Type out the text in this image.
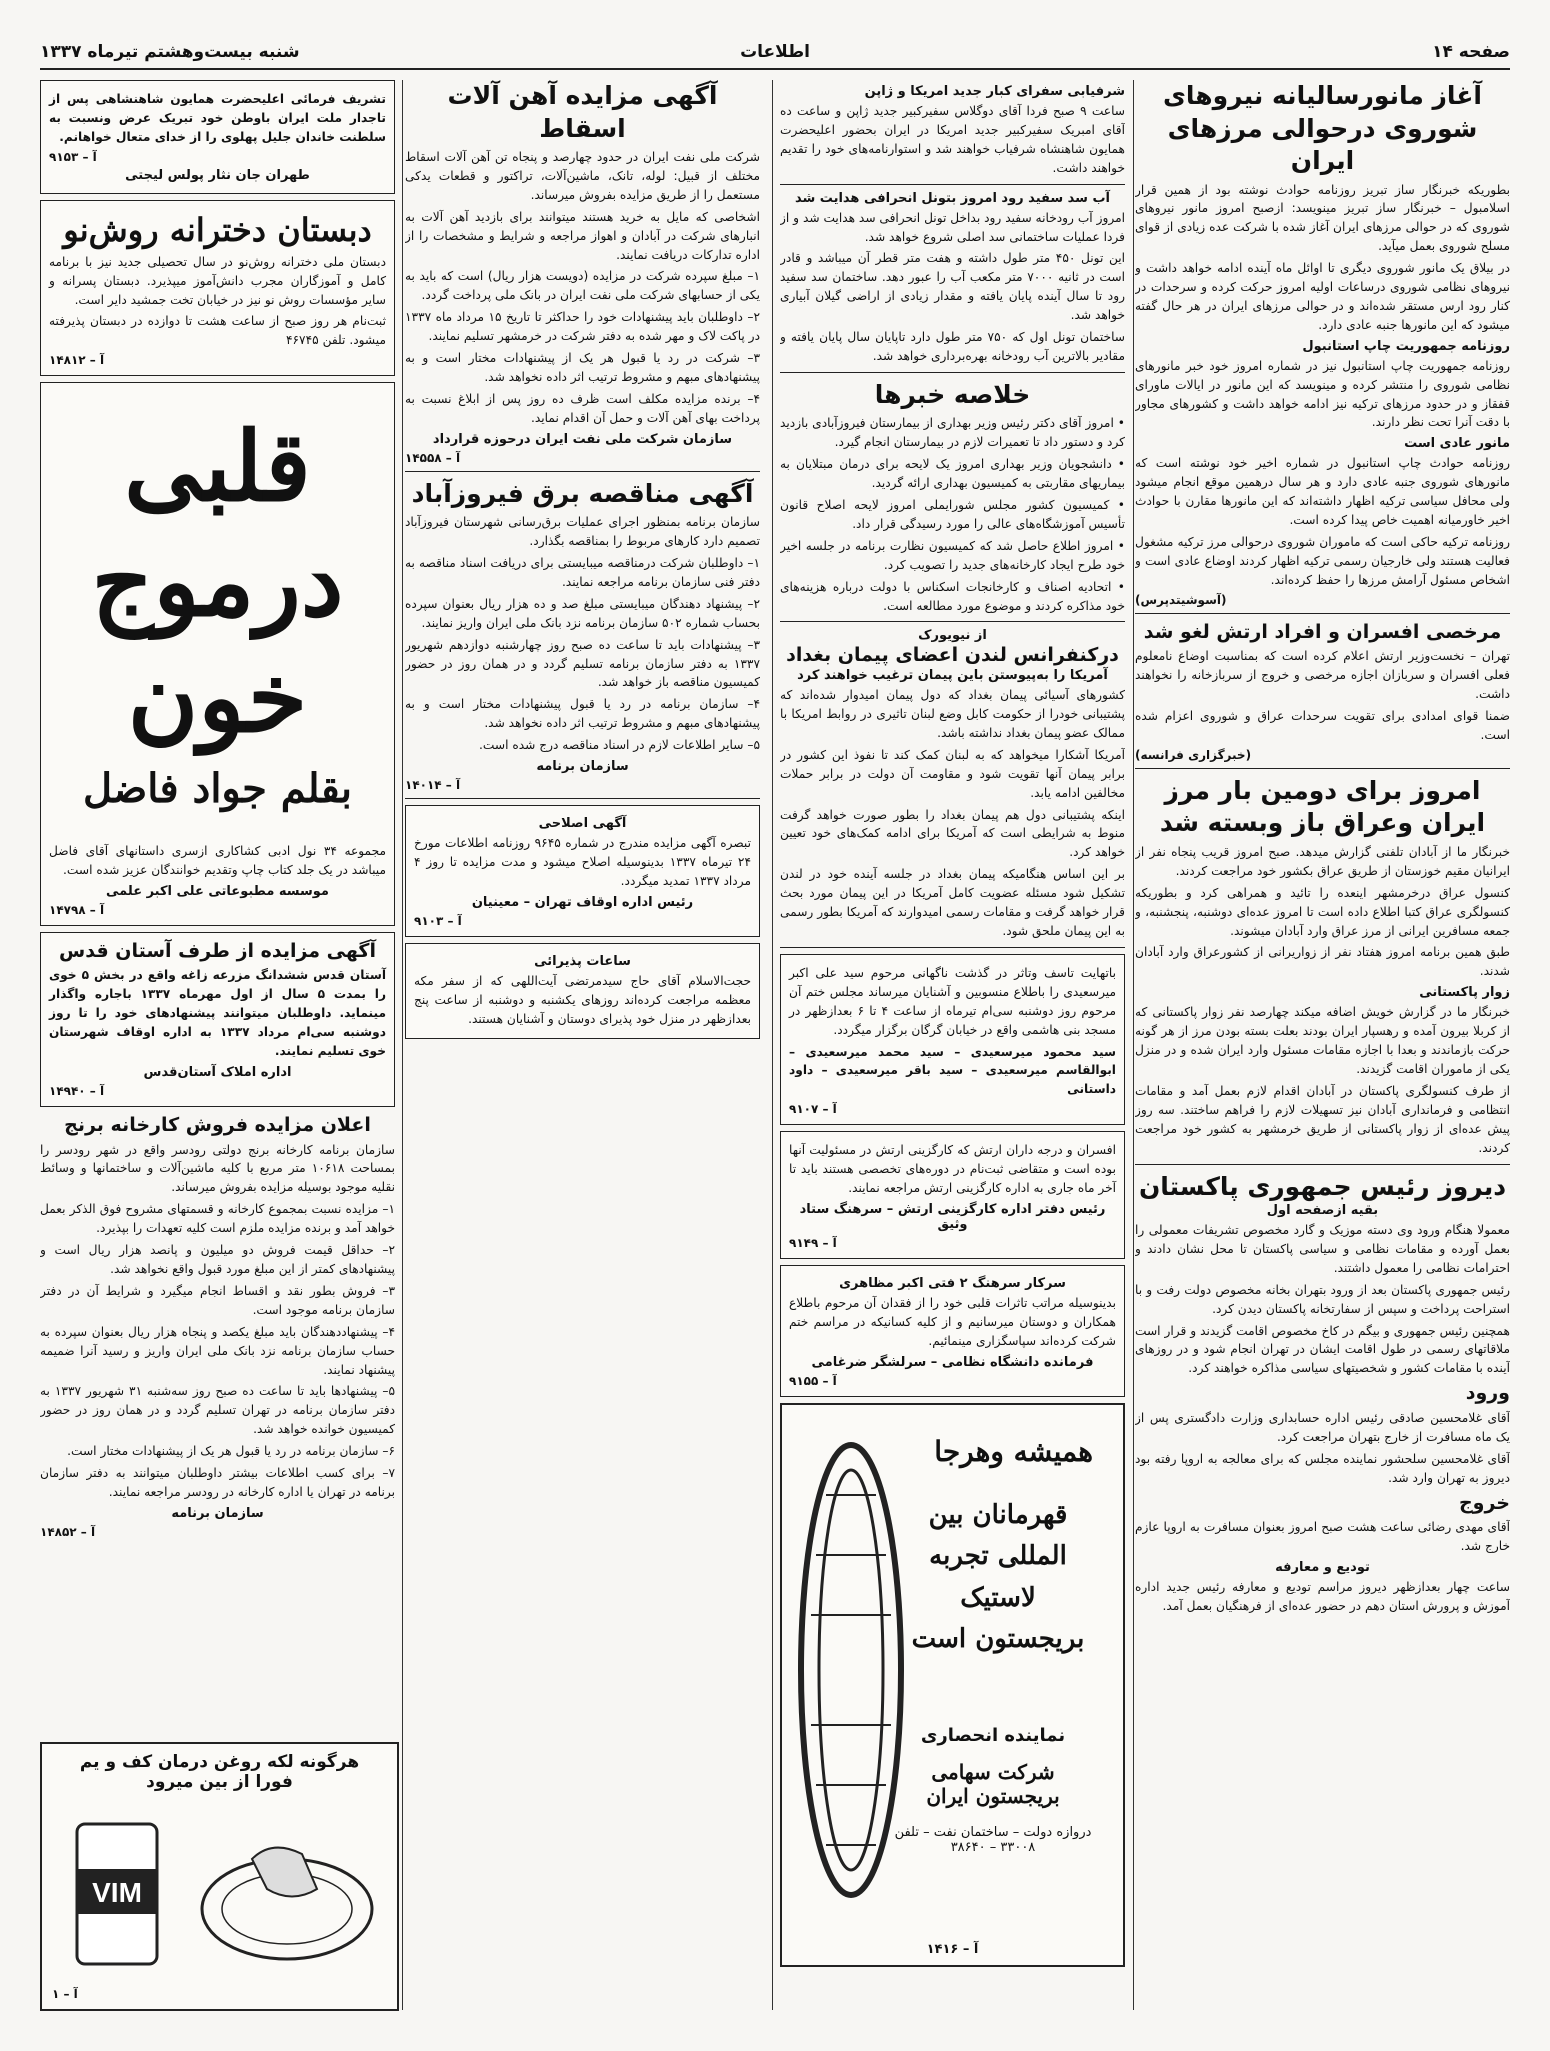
صفحه ۱۴
اطلاعات
شنبه بیست‌وهشتم تیرماه ۱۳۳۷
آغاز مانورسالیانه نیروهای شوروی درحوالی مرزهای ایران

بطوریکه خبرنگار ساز تبریز روزنامه حوادث نوشته بود از همین قرار اسلامبول – خبرنگار ساز تبریز مینویسد: ازصبح امروز مانور نیروهای شوروی که در حوالی مرزهای ایران آغاز شده با شرکت عده زیادی از قوای مسلح شوروی بعمل میآید.

در بیلاق یک مانور شوروی دیگری تا اوائل ماه آینده ادامه خواهد داشت و نیروهای نظامی شوروی درساعات اولیه امروز حرکت کرده و سرحدات در کنار رود ارس مستقر شده‌اند و در حوالی مرزهای ایران در هر حال گفته میشود که این مانورها جنبه عادی دارد.

روزنامه جمهوریت چاپ استانبول

روزنامه جمهوریت چاپ استانبول نیز در شماره امروز خود خبر مانورهای نظامی شوروی را منتشر کرده و مینویسد که این مانور در ایالات ماورای قفقاز و در حدود مرزهای ترکیه نیز ادامه خواهد داشت و کشورهای مجاور با دقت آنرا تحت نظر دارند.

مانور عادی است

روزنامه حوادث چاپ استانبول در شماره اخیر خود نوشته است که مانورهای شوروی جنبه عادی دارد و هر سال درهمین موقع انجام میشود ولی محافل سیاسی ترکیه اظهار داشته‌اند که این مانورها مقارن با حوادث اخیر خاورمیانه اهمیت خاص پیدا کرده است.

روزنامه ترکیه حاکی است که ماموران شوروی درحوالی مرز ترکیه مشغول فعالیت هستند ولی خارجیان رسمی ترکیه اظهار کردند اوضاع عادی است و اشخاص مسئول آرامش مرزها را حفظ کرده‌اند.

(آسوشیتدپرس)
مرخصی افسران و افراد ارتش لغو شد

تهران – نخست‌وزیر ارتش اعلام کرده است که بمناسبت اوضاع نامعلوم فعلی افسران و سربازان اجازه مرخصی و خروج از سربازخانه را نخواهند داشت.

ضمنا قوای امدادی برای تقویت سرحدات عراق و شوروی اعزام شده است.

(خبرگزاری فرانسه)
امروز برای دومین بار مرز ایران وعراق باز وبسته شد

خبرنگار ما از آبادان تلفنی گزارش میدهد. صبح امروز قریب پنجاه نفر از ایرانیان مقیم خوزستان از طریق عراق بکشور خود مراجعت کردند.

کنسول عراق درخرمشهر اینعده را تائید و همراهی کرد و بطوریکه کنسولگری عراق کتبا اطلاع داده است تا امروز عده‌ای دوشنبه، پنجشنبه، و جمعه مسافرین ایرانی از مرز عراق وارد آبادان میشوند.

طبق همین برنامه امروز هفتاد نفر از زواریرانی از کشورعراق وارد آبادان شدند.

زوار پاکستانی

خبرنگار ما در گزارش خویش اضافه میکند چهارصد نفر زوار پاکستانی که از کربلا بیرون آمده و رهسپار ایران بودند بعلت بسته بودن مرز از هر گونه حرکت بازماندند و بعدا با اجازه مقامات مسئول وارد ایران شده و در منزل یکی از ماموران اقامت گزیدند.

از طرف کنسولگری پاکستان در آبادان اقدام لازم بعمل آمد و مقامات انتظامی و فرمانداری آبادان نیز تسهیلات لازم را فراهم ساختند. سه روز پیش عده‌ای از زوار پاکستانی از طریق خرمشهر به کشور خود مراجعت کردند.

دیروز رئیس جمهوری پاکستان
بقیه ازصفحه اول

معمولا هنگام ورود وی دسته موزیک و گارد مخصوص تشریفات معمولی را بعمل آورده و مقامات نظامی و سیاسی پاکستان تا محل نشان دادند و احترامات نظامی را معمول داشتند.

رئیس جمهوری پاکستان بعد از ورود بتهران بخانه مخصوص دولت رفت و با استراحت پرداخت و سپس از سفارتخانه پاکستان دیدن کرد.

همچنین رئیس جمهوری و بیگم در کاخ مخصوص اقامت گزیدند و قرار است ملاقاتهای رسمی در طول اقامت ایشان در تهران انجام شود و در روزهای آینده با مقامات کشور و شخصیتهای سیاسی مذاکره خواهند کرد.

ورود

آقای غلامحسین صادقی رئیس اداره حسابداری وزارت دادگستری پس از یک ماه مسافرت از خارج بتهران مراجعت کرد.

آقای غلامحسین سلحشور نماینده مجلس که برای معالجه به اروپا رفته بود دیروز به تهران وارد شد.

خروج

آقای مهدی رضائی ساعت هشت صبح امروز بعنوان مسافرت به اروپا عازم خارج شد.

تودیع و معارفه

ساعت چهار بعدازظهر دیروز مراسم تودیع و معارفه رئیس جدید اداره آموزش و پرورش استان دهم در حضور عده‌ای از فرهنگیان بعمل آمد.

شرفیابی سفرای کبار جدید امریکا و ژاپن

ساعت ۹ صبح فردا آقای دوگلاس سفیرکبیر جدید ژاپن و ساعت ده آقای امبریک سفیرکبیر جدید امریکا در ایران بحضور اعلیحضرت همایون شاهنشاه شرفیاب خواهند شد و استوارنامه‌های خود را تقدیم خواهند داشت.

آب سد سفید رود امروز بتونل انحرافی هدایت شد

امروز آب رودخانه سفید رود بداخل تونل انحرافی سد هدایت شد و از فردا عملیات ساختمانی سد اصلی شروع خواهد شد.

این تونل ۴۵۰ متر طول داشته و هفت متر قطر آن میباشد و قادر است در ثانیه ۷۰۰۰ متر مکعب آب را عبور دهد. ساختمان سد سفید رود تا سال آینده پایان یافته و مقدار زیادی از اراضی گیلان آبیاری خواهد شد.

ساختمان تونل اول که ۷۵۰ متر طول دارد تاپایان سال پایان یافته و مقادیر بالاترین آب رودخانه بهره‌برداری خواهد شد.

خلاصه خبرها

• امروز آقای دکتر رئیس وزیر بهداری از بیمارستان فیروزآبادی بازدید کرد و دستور داد تا تعمیرات لازم در بیمارستان انجام گیرد.

• دانشجویان وزیر بهداری امروز یک لایحه برای درمان مبتلایان به بیماریهای مقاربتی به کمیسیون بهداری ارائه گردید.

• کمیسیون کشور مجلس شورایملی امروز لایحه اصلاح قانون تأسیس آموزشگاه‌های عالی را مورد رسیدگی قرار داد.

• امروز اطلاع حاصل شد که کمیسیون نظارت برنامه در جلسه اخیر خود طرح ایجاد کارخانه‌های جدید را تصویب کرد.

• اتحادیه اصناف و کارخانجات اسکناس با دولت درباره هزینه‌های خود مذاکره کردند و موضوع مورد مطالعه است.

از نیویورک
درکنفرانس لندن اعضای پیمان بغداد
آمریکا را به‌پیوستن باین پیمان ترغیب خواهند کرد

کشورهای آسیائی پیمان بغداد که دول پیمان امیدوار شده‌اند که پشتیبانی خودرا از حکومت کابل وضع لبنان تاثیری در روابط امریکا با ممالک عضو پیمان بغداد نداشته باشد.

آمریکا آشکارا میخواهد که به لبنان کمک کند تا نفوذ این کشور در برابر پیمان آنها تقویت شود و مقاومت آن دولت در برابر حملات مخالفین ادامه یابد.

اینکه پشتیبانی دول هم پیمان بغداد را بطور صورت خواهد گرفت منوط به شرایطی است که آمریکا برای ادامه کمک‌های خود تعیین خواهد کرد.

بر این اساس هنگامیکه پیمان بغداد در جلسه آینده خود در لندن تشکیل شود مسئله عضویت کامل آمریکا در این پیمان مورد بحث قرار خواهد گرفت و مقامات رسمی امیدوارند که آمریکا بطور رسمی به این پیمان ملحق شود.

باتهایت تاسف وتاثر در گذشت ناگهانی مرحوم سید علی اکبر میرسعیدی را باطلاع منسوبین و آشنایان میرساند مجلس ختم آن مرحوم روز دوشنبه سی‌ام تیرماه از ساعت ۴ تا ۶ بعدازظهر در مسجد بنی هاشمی واقع در خیابان گرگان برگزار میگردد.

سید محمود میرسعیدی – سید محمد میرسعیدی – ابوالقاسم میرسعیدی – سید باقر میرسعیدی – داود داستانی

آ – ۹۱۰۷

افسران و درجه داران ارتش که کارگزینی ارتش در مسئولیت آنها بوده است و متقاضی ثبت‌نام در دوره‌های تخصصی هستند باید تا آخر ماه جاری به اداره کارگزینی ارتش مراجعه نمایند.

رئیس دفتر اداره کارگزینی ارتش – سرهنگ ستاد وثیق
آ – ۹۱۴۹
سرکار سرهنگ ۲ فتی اکبر مظاهری

بدینوسیله مراتب تاثرات قلبی خود را از فقدان آن مرحوم باطلاع همکاران و دوستان میرسانیم و از کلیه کسانیکه در مراسم ختم شرکت کرده‌اند سپاسگزاری مینمائیم.

فرمانده دانشگاه نظامی – سرلشگر ضرغامی
آ – ۹۱۵۵
همیشه وهرجا
قهرمانان بین المللی تجربه لاستیک بریجستون است
نماینده انحصاری
شرکت سهامی بریجستون ایران
دروازه دولت – ساختمان نفت – تلفن ۳۳۰۰۸ – ۳۸۶۴۰
آ – ۱۴۱۶
آگهی مزایده آهن آلات اسقاط

شرکت ملی نفت ایران در حدود چهارصد و پنجاه تن آهن آلات اسقاط مختلف از قبیل: لوله، تانک، ماشین‌آلات، تراکتور و قطعات یدکی مستعمل را از طریق مزایده بفروش میرساند.

اشخاصی که مایل به خرید هستند میتوانند برای بازدید آهن آلات به انبارهای شرکت در آبادان و اهواز مراجعه و شرایط و مشخصات را از اداره تدارکات دریافت نمایند.

۱– مبلغ سپرده شرکت در مزایده (دویست هزار ریال) است که باید به یکی از حسابهای شرکت ملی نفت ایران در بانک ملی پرداخت گردد.

۲– داوطلبان باید پیشنهادات خود را حداکثر تا تاریخ ۱۵ مرداد ماه ۱۳۳۷ در پاکت لاک و مهر شده به دفتر شرکت در خرمشهر تسلیم نمایند.

۳– شرکت در رد یا قبول هر یک از پیشنهادات مختار است و به پیشنهادهای مبهم و مشروط ترتیب اثر داده نخواهد شد.

۴– برنده مزایده مکلف است ظرف ده روز پس از ابلاغ نسبت به پرداخت بهای آهن آلات و حمل آن اقدام نماید.

سازمان شرکت ملی نفت ایران درحوزه قرارداد
آ – ۱۴۵۵۸
آگهی مناقصه برق فیروزآباد

سازمان برنامه بمنظور اجرای عملیات برق‌رسانی شهرستان فیروزآباد تصمیم دارد کارهای مربوط را بمناقصه بگذارد.

۱– داوطلبان شرکت درمناقصه میبایستی برای دریافت اسناد مناقصه به دفتر فنی سازمان برنامه مراجعه نمایند.

۲– پیشنهاد دهندگان میبایستی مبلغ صد و ده هزار ریال بعنوان سپرده بحساب شماره ۵۰۲ سازمان برنامه نزد بانک ملی ایران واریز نمایند.

۳– پیشنهادات باید تا ساعت ده صبح روز چهارشنبه دوازدهم شهریور ۱۳۳۷ به دفتر سازمان برنامه تسلیم گردد و در همان روز در حضور کمیسیون مناقصه باز خواهد شد.

۴– سازمان برنامه در رد یا قبول پیشنهادات مختار است و به پیشنهادهای مبهم و مشروط ترتیب اثر داده نخواهد شد.

۵– سایر اطلاعات لازم در اسناد مناقصه درج شده است.

سازمان برنامه
آ – ۱۴۰۱۴
آگهی اصلاحی

تبصره آگهی مزایده مندرج در شماره ۹۶۴۵ روزنامه اطلاعات مورخ ۲۴ تیرماه ۱۳۳۷ بدینوسیله اصلاح میشود و مدت مزایده تا روز ۴ مرداد ۱۳۳۷ تمدید میگردد.

رئیس اداره اوقاف تهران – معینیان
آ – ۹۱۰۳
ساعات پذیرائی

حجت‌الاسلام آقای حاج سیدمرتضی آیت‌اللهی که از سفر مکه معظمه مراجعت کرده‌اند روزهای یکشنبه و دوشنبه از ساعت پنج بعدازظهر در منزل خود پذیرای دوستان و آشنایان هستند.

تشریف فرمائی اعلیحضرت همایون شاهنشاهی پس از تاجدار ملت ایران باوطن خود تبریک عرض ونسبت به سلطنت خاندان جلیل پهلوی را از خدای متعال خواهانم.

آ – ۹۱۵۳
طهران جان نثار پولس لیجتی
دبستان دخترانه روش‌نو

دبستان ملی دخترانه روش‌نو در سال تحصیلی جدید نیز با برنامه کامل و آموزگاران مجرب دانش‌آموز میپذیرد. دبستان پسرانه و سایر مؤسسات روش نو نیز در خیابان تخت جمشید دایر است.

ثبت‌نام هر روز صبح از ساعت هشت تا دوازده در دبستان پذیرفته میشود. تلفن ۴۶۷۴۵

آ – ۱۴۸۱۲
قلبی درموج خون
بقلم جواد فاضل

مجموعه ۳۴ نول ادبی کشاکاری ازسری داستانهای آقای فاضل میباشد در یک جلد کتاب چاپ وتقدیم خوانندگان عزیز شده است.

موسسه مطبوعاتی علی اکبر علمی
آ – ۱۴۷۹۸
آگهی مزایده از طرف آستان قدس

آستان قدس ششدانگ مزرعه زاغه واقع در بخش ۵ خوی را بمدت ۵ سال از اول مهرماه ۱۳۳۷ باجاره واگذار مینماید. داوطلبان میتوانند پیشنهادهای خود را تا روز دوشنبه سی‌ام مرداد ۱۳۳۷ به اداره اوقاف شهرستان خوی تسلیم نمایند.

اداره املاک آستان‌قدس
آ – ۱۴۹۴۰
اعلان مزایده فروش کارخانه برنج

سازمان برنامه کارخانه برنج دولتی رودسر واقع در شهر رودسر را بمساحت ۱۰۶۱۸ متر مربع با کلیه ماشین‌آلات و ساختمانها و وسائط نقلیه موجود بوسیله مزایده بفروش میرساند.

۱– مزایده نسبت بمجموع کارخانه و قسمتهای مشروح فوق الذکر بعمل خواهد آمد و برنده مزایده ملزم است کلیه تعهدات را بپذیرد.

۲– حداقل قیمت فروش دو میلیون و پانصد هزار ریال است و پیشنهادهای کمتر از این مبلغ مورد قبول واقع نخواهد شد.

۳– فروش بطور نقد و اقساط انجام میگیرد و شرایط آن در دفتر سازمان برنامه موجود است.

۴– پیشنهاددهندگان باید مبلغ یکصد و پنجاه هزار ریال بعنوان سپرده به حساب سازمان برنامه نزد بانک ملی ایران واریز و رسید آنرا ضمیمه پیشنهاد نمایند.

۵– پیشنهادها باید تا ساعت ده صبح روز سه‌شنبه ۳۱ شهریور ۱۳۳۷ به دفتر سازمان برنامه در تهران تسلیم گردد و در همان روز در حضور کمیسیون خوانده خواهد شد.

۶– سازمان برنامه در رد یا قبول هر یک از پیشنهادات مختار است.

۷– برای کسب اطلاعات بیشتر داوطلبان میتوانند به دفتر سازمان برنامه در تهران یا اداره کارخانه در رودسر مراجعه نمایند.

سازمان برنامه
آ – ۱۴۸۵۲
هرگونه لکه روغن درمان کف و یم
فورا از بین میرود
VIM
آ – ۱
